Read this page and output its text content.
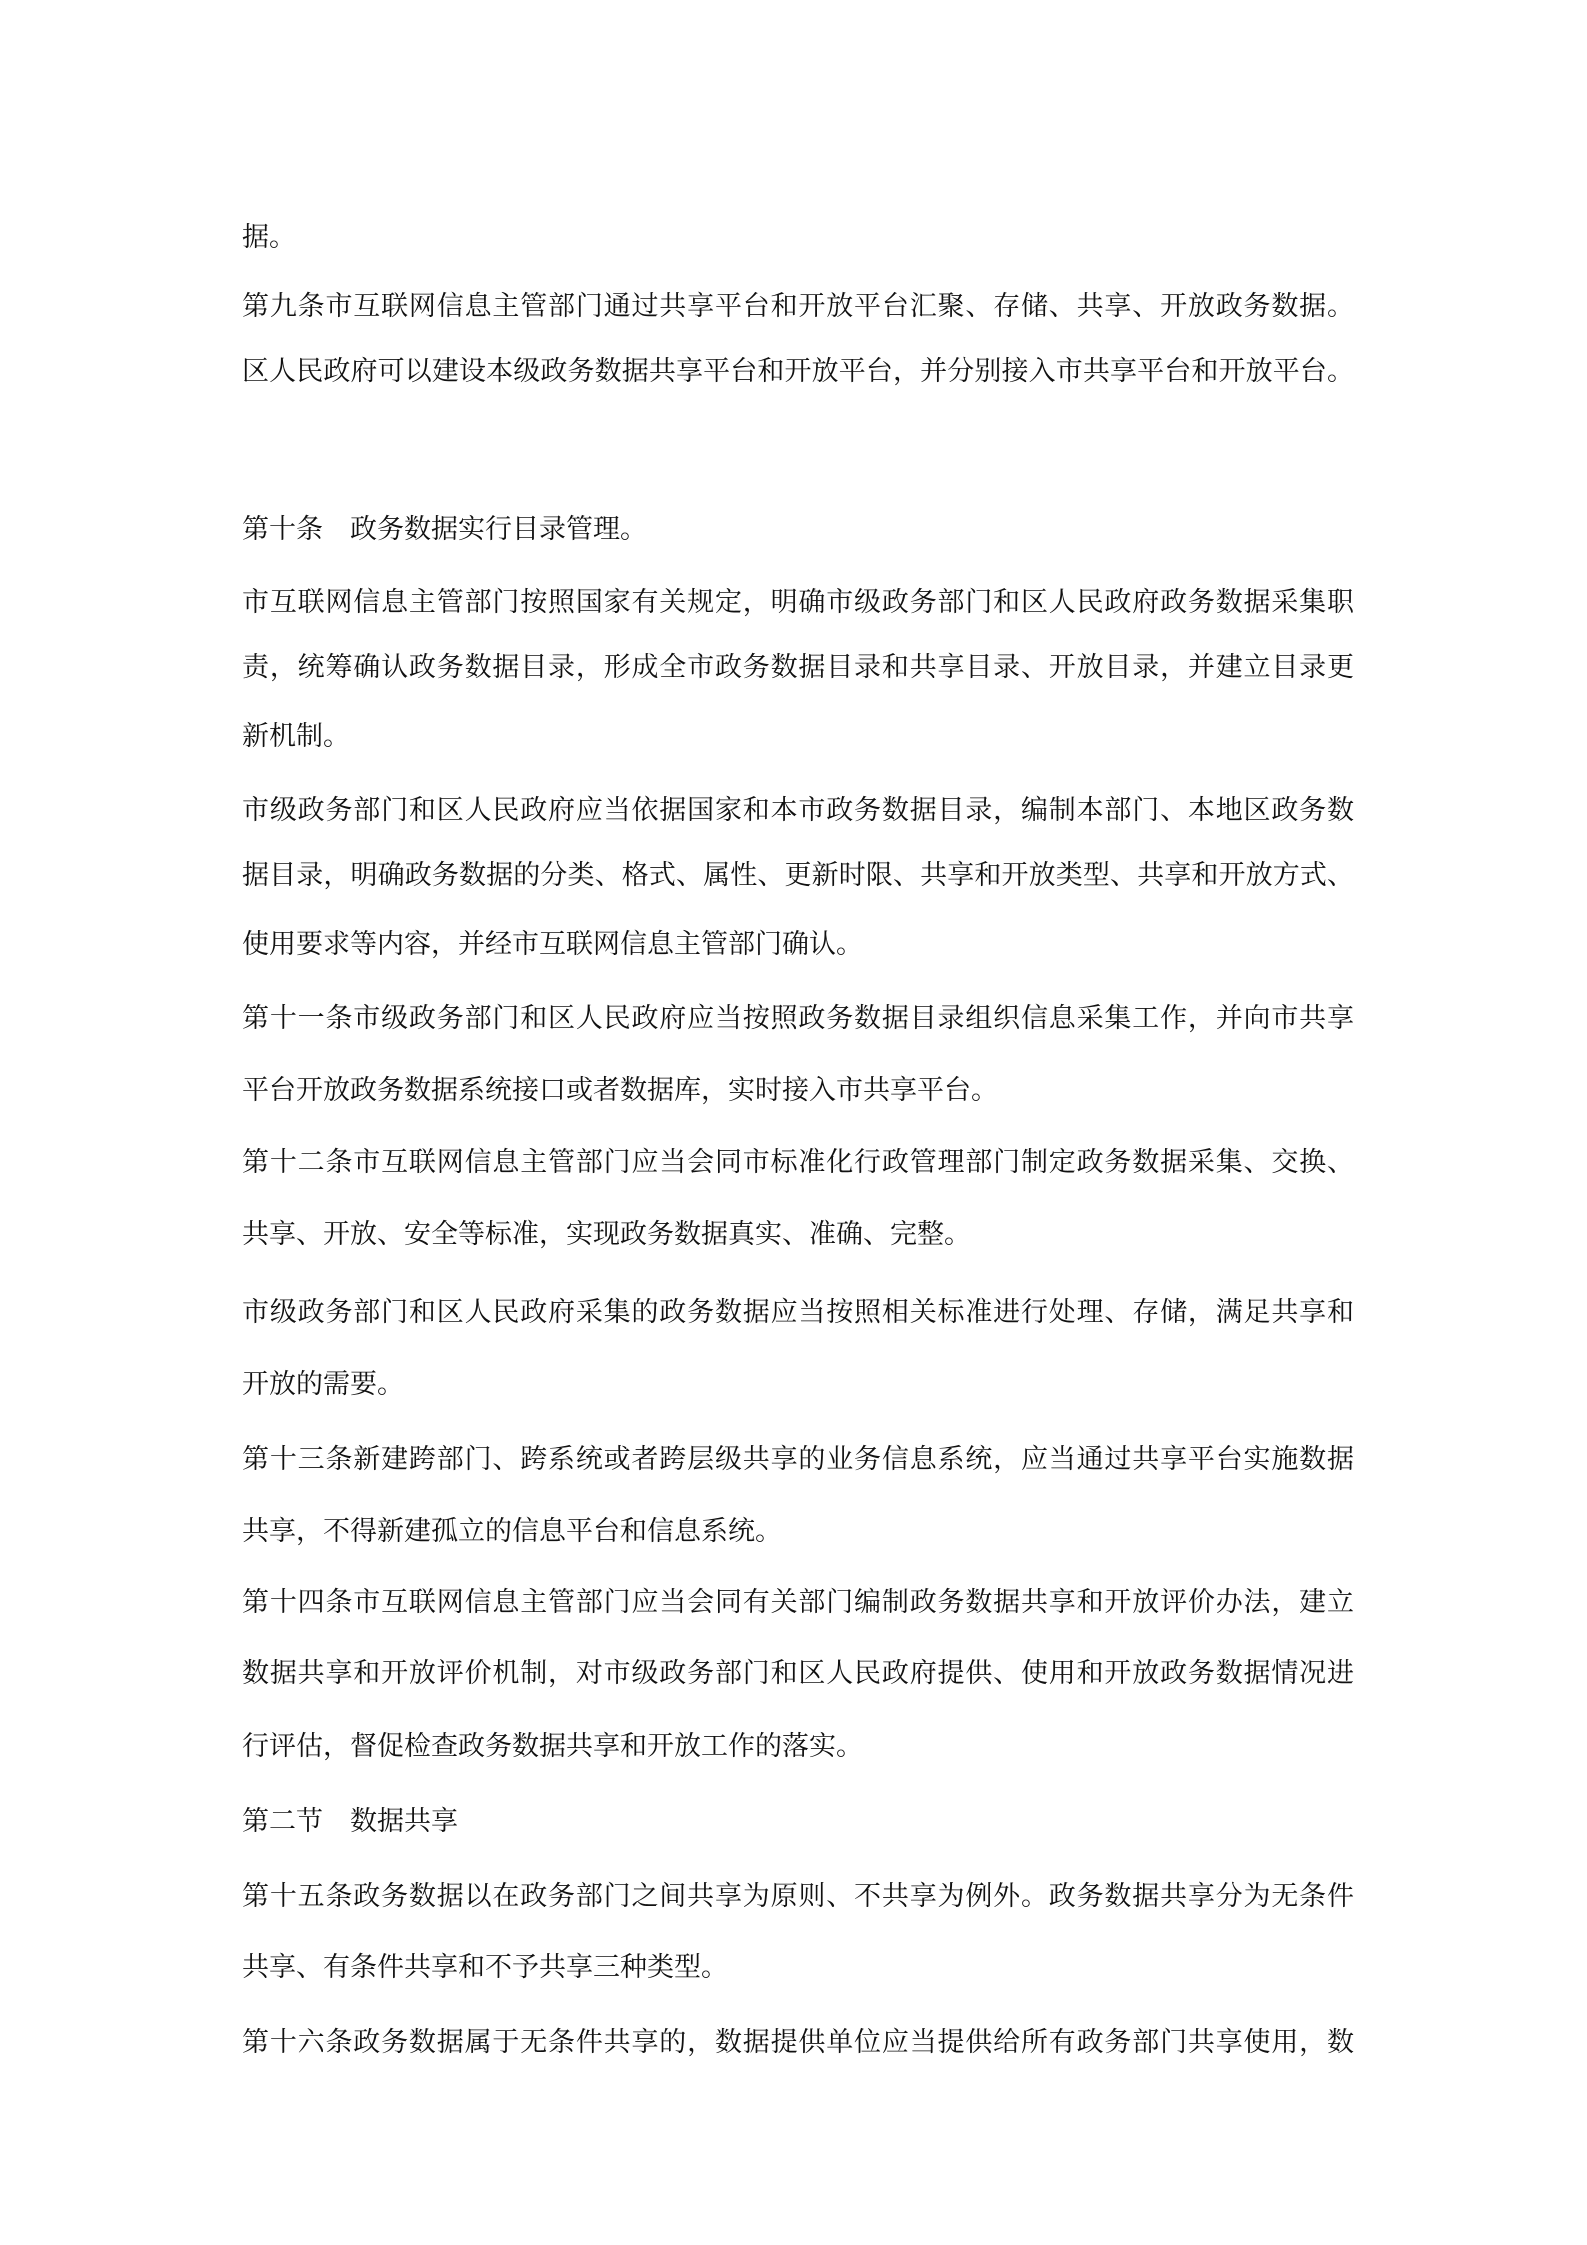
据。
第九条市互联网信息主管部门通过共享平台和开放平台汇聚、存储、共享、开放政务数据。
区人民政府可以建设本级政务数据共享平台和开放平台，并分别接入市共享平台和开放平台。
第十条　政务数据实行目录管理。
市互联网信息主管部门按照国家有关规定，明确市级政务部门和区人民政府政务数据采集职
责，统筹确认政务数据目录，形成全市政务数据目录和共享目录、开放目录，并建立目录更
新机制。
市级政务部门和区人民政府应当依据国家和本市政务数据目录，编制本部门、本地区政务数
据目录，明确政务数据的分类、格式、属性、更新时限、共享和开放类型、共享和开放方式、
使用要求等内容，并经市互联网信息主管部门确认。
第十一条市级政务部门和区人民政府应当按照政务数据目录组织信息采集工作，并向市共享
平台开放政务数据系统接口或者数据库，实时接入市共享平台。
第十二条市互联网信息主管部门应当会同市标准化行政管理部门制定政务数据采集、交换、
共享、开放、安全等标准，实现政务数据真实、准确、完整。
市级政务部门和区人民政府采集的政务数据应当按照相关标准进行处理、存储，满足共享和
开放的需要。
第十三条新建跨部门、跨系统或者跨层级共享的业务信息系统，应当通过共享平台实施数据
共享，不得新建孤立的信息平台和信息系统。
第十四条市互联网信息主管部门应当会同有关部门编制政务数据共享和开放评价办法，建立
数据共享和开放评价机制，对市级政务部门和区人民政府提供、使用和开放政务数据情况进
行评估，督促检查政务数据共享和开放工作的落实。
第二节　数据共享
第十五条政务数据以在政务部门之间共享为原则、不共享为例外。政务数据共享分为无条件
共享、有条件共享和不予共享三种类型。
第十六条政务数据属于无条件共享的，数据提供单位应当提供给所有政务部门共享使用，数
